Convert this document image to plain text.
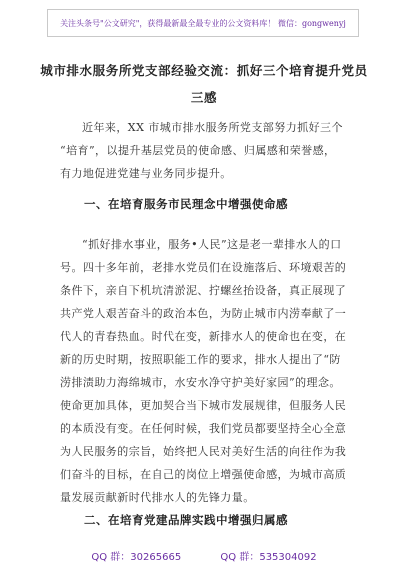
关注头条号"公文研究"，获得最新最全最专业的公文资料库！ 微信：gongwenyj
城市排水服务所党支部经验交流：抓好三个培育提升党员
三感
近年来，XX 市城市排水服务所党支部努力抓好三个
“培育”，以提升基层党员的使命感、归属感和荣誉感，
有力地促进党建与业务同步提升。
一、在培育服务市民理念中增强使命感
“抓好排水事业，服务•人民”这是老一辈排水人的口
号。四十多年前，老排水党员们在设施落后、环境艰苦的
条件下，亲自下机坑清淤泥、拧螺丝抬设备，真正展现了
共产党人艰苦奋斗的政治本色，为防止城市内涝奉献了一
代人的青春热血。时代在变，新排水人的使命也在变，在
新的历史时期，按照职能工作的要求，排水人提出了“防
涝排渍助力海绵城市，水安水净守护美好家园”的理念。
使命更加具体，更加契合当下城市发展规律，但服务人民
的本质没有变。在任何时候，我们党员都要坚持全心全意
为人民服务的宗旨，始终把人民对美好生活的向往作为我
们奋斗的目标，在自己的岗位上增强使命感，为城市高质
量发展贡献新时代排水人的先锋力量。
二、在培育党建品牌实践中增强归属感
QQ 群：30265665	QQ 群：535304092
